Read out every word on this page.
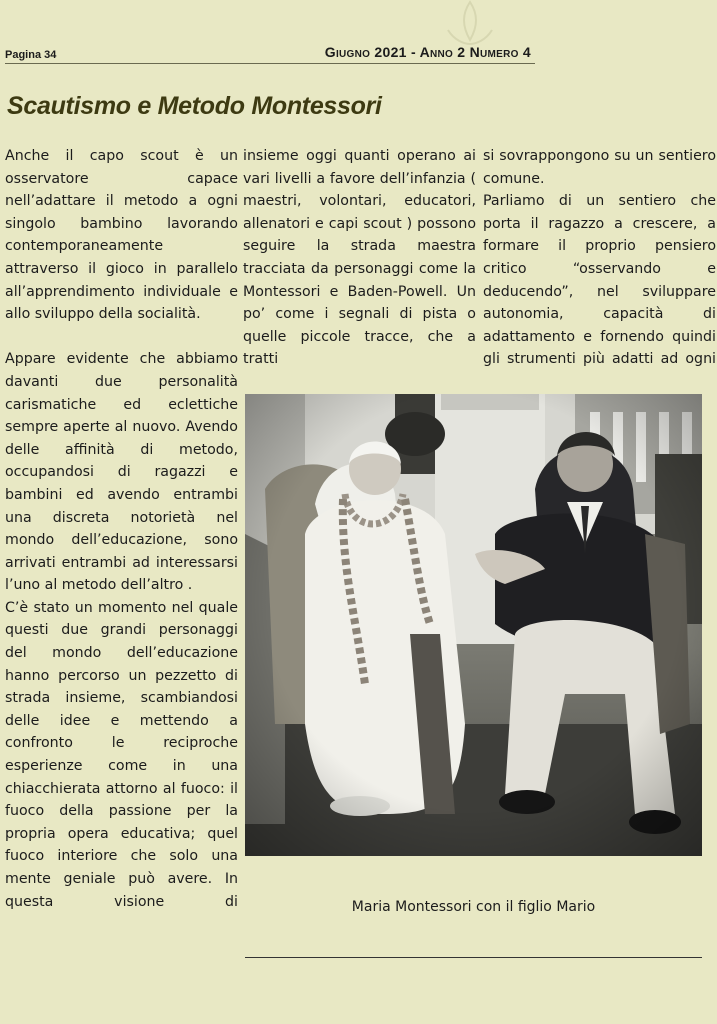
Pagina 34	Giugno 2021 - Anno 2 Numero 4
Scautismo e Metodo Montessori

Anche il capo scout è un osservatore capace nell’adattare il metodo a ogni singolo bambino lavorando contemporaneamente attraverso il gioco in parallelo all’apprendimento individuale e allo sviluppo della socialità.

Appare evidente che abbiamo davanti due personalità carismatiche ed eclettiche sempre aperte al nuovo. Avendo delle affinità di metodo, occupandosi di ragazzi e bambini ed avendo entrambi una discreta notorietà nel mondo dell’educazione, sono arrivati entrambi ad interessarsi l’uno al metodo dell’altro .

C’è stato un momento nel quale questi due grandi personaggi del mondo dell’educazione hanno percorso un pezzetto di strada insieme, scambiandosi delle idee e mettendo a confronto le reciproche esperienze come in una chiacchierata attorno al fuoco: il fuoco della passione per la propria opera educativa; quel fuoco interiore che solo una mente geniale può avere. In questa visione di

insieme oggi quanti operano ai vari livelli a favore dell’infanzia ( maestri, volontari, educatori, allenatori e capi scout ) possono seguire la strada maestra tracciata da personaggi come la Montessori e Baden-Powell. Un po’ come i segnali di pista o quelle piccole tracce, che a tratti

si sovrappongono su un sentiero comune.

Parliamo di un sentiero che porta il ragazzo a crescere, a formare il proprio pensiero critico “osservando e deducendo”, nel sviluppare autonomia, capacità di adattamento e fornendo quindi gli strumenti più adatti ad ogni

Maria Montessori con il figlio Mario
